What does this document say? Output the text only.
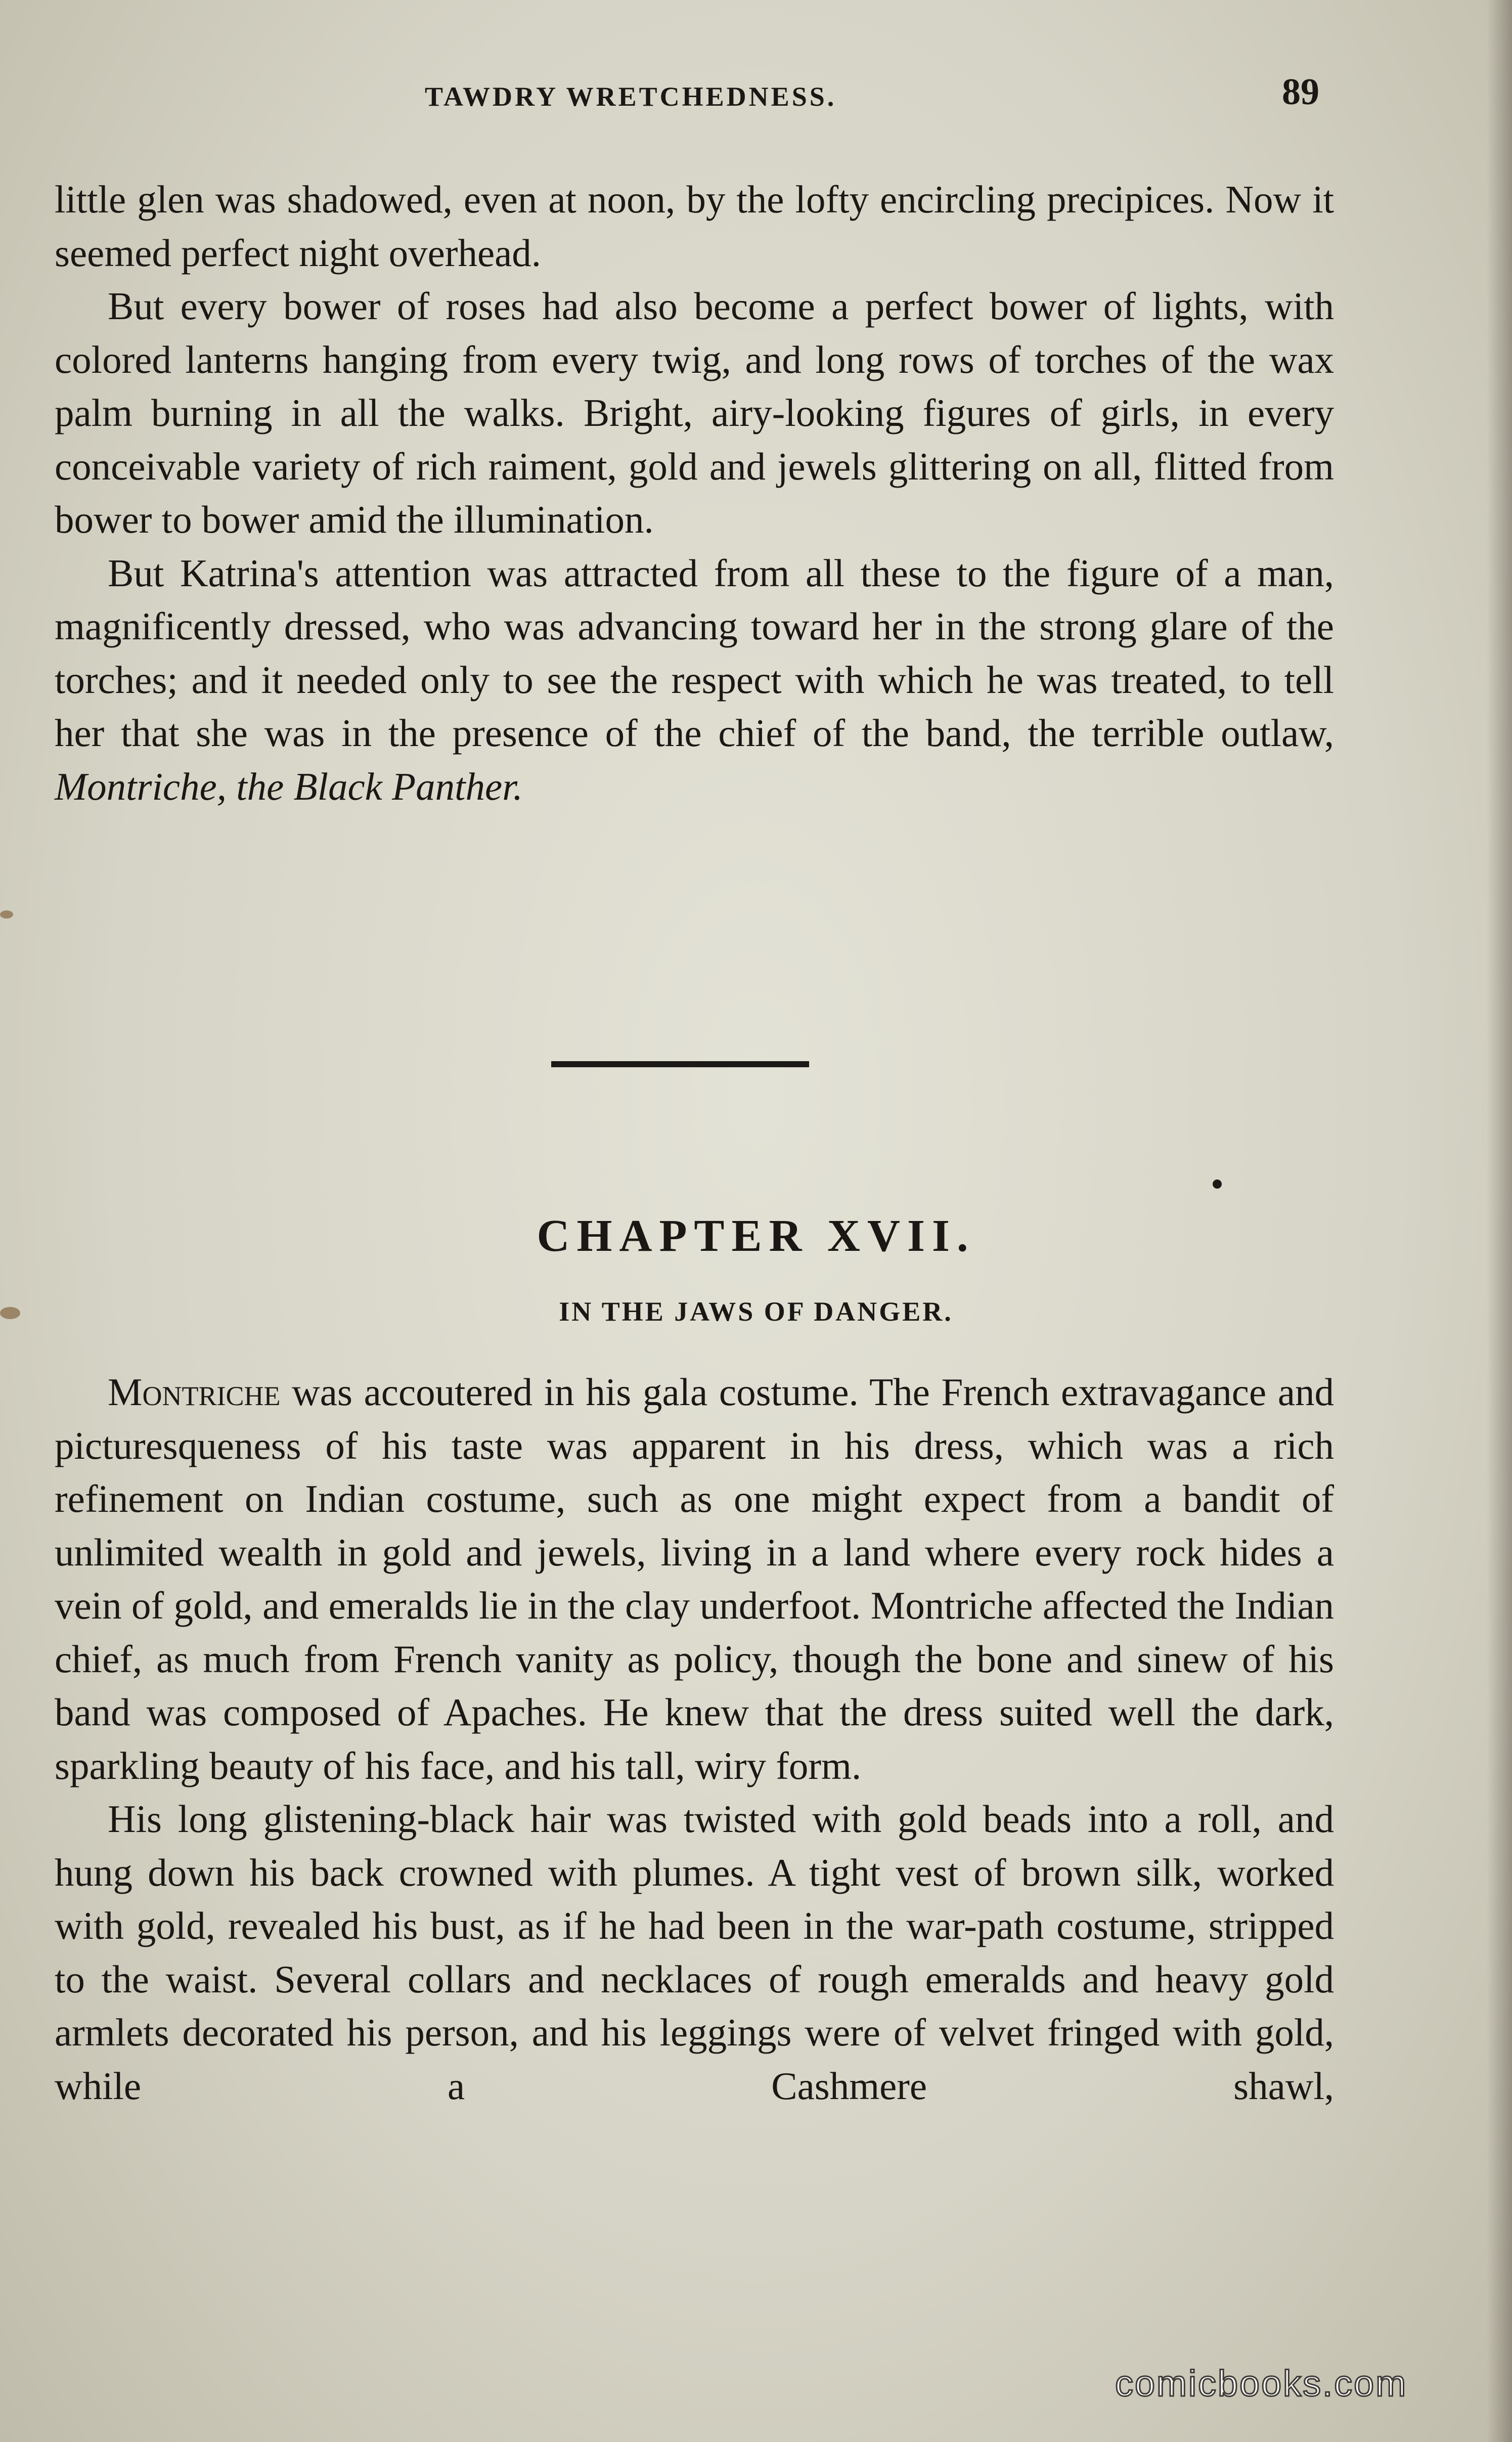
TAWDRY WRETCHEDNESS.	89

little glen was shadowed, even at noon, by the lofty encircling precipices. Now it seemed perfect night overhead.

But every bower of roses had also become a perfect bower of lights, with colored lanterns hanging from every twig, and long rows of torches of the wax palm burning in all the walks. Bright, airy-looking figures of girls, in every conceivable variety of rich raiment, gold and jewels glittering on all, flitted from bower to bower amid the illumination.

But Katrina's attention was attracted from all these to the figure of a man, magnificently dressed, who was advancing toward her in the strong glare of the torches; and it needed only to see the respect with which he was treated, to tell her that she was in the presence of the chief of the band, the terrible outlaw, Montriche, the Black Panther.

CHAPTER XVII.
IN THE JAWS OF DANGER.

Montriche was accoutered in his gala costume. The French extravagance and picturesqueness of his taste was apparent in his dress, which was a rich refinement on Indian costume, such as one might expect from a bandit of unlimited wealth in gold and jewels, living in a land where every rock hides a vein of gold, and emeralds lie in the clay underfoot. Montriche affected the Indian chief, as much from French vanity as policy, though the bone and sinew of his band was composed of Apaches. He knew that the dress suited well the dark, sparkling beauty of his face, and his tall, wiry form.

His long glistening-black hair was twisted with gold beads into a roll, and hung down his back crowned with plumes. A tight vest of brown silk, worked with gold, revealed his bust, as if he had been in the war-path costume, stripped to the waist. Several collars and necklaces of rough emeralds and heavy gold armlets decorated his person, and his leggings were of velvet fringed with gold, while a Cashmere shawl,

comicbooks.com
